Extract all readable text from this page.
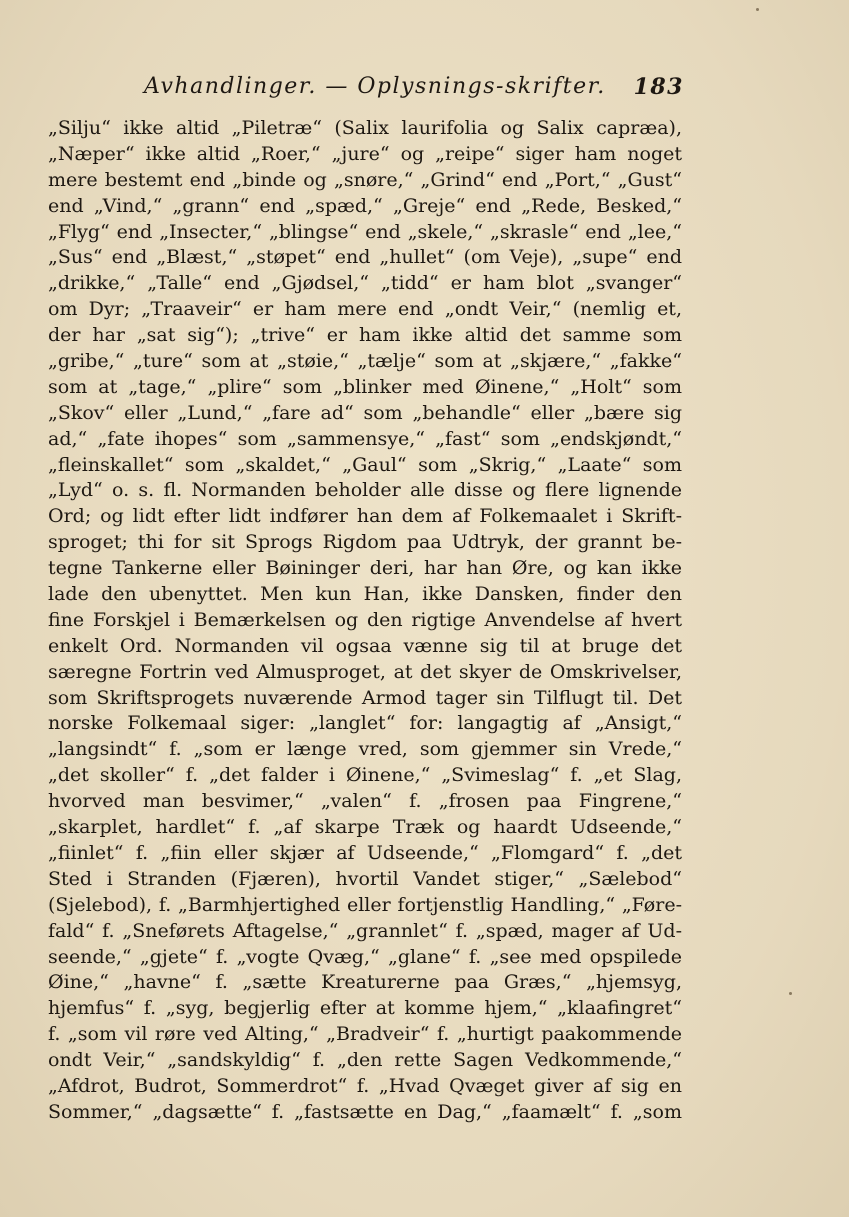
Avhandlinger. — Oplysnings-skrifter. 183
„Silju“ ikke altid „Piletræ“ (Salix laurifolia og Salix capræa),
„Næper“ ikke altid „Roer,“ „jure“ og „reipe“ siger ham noget
mere bestemt end „binde og „snøre,“ „Grind“ end „Port,“ „Gust“
end „Vind,“ „grann“ end „spæd,“ „Greje“ end „Rede, Besked,“
„Flyg“ end „Insecter,“ „blingse“ end „skele,“ „skrasle“ end „lee,“
„Sus“ end „Blæst,“ „støpet“ end „hullet“ (om Veje), „supe“ end
„drikke,“ „Talle“ end „Gjødsel,“ „tidd“ er ham blot „svanger“
om Dyr; „Traaveir“ er ham mere end „ondt Veir,“ (nemlig et,
der har „sat sig“); „trive“ er ham ikke altid det samme som
„gribe,“ „ture“ som at „støie,“ „tælje“ som at „skjære,“ „fakke“
som at „tage,“ „plire“ som „blinker med Øinene,“ „Holt“ som
„Skov“ eller „Lund,“ „fare ad“ som „behandle“ eller „bære sig
ad,“ „fate ihopes“ som „sammensye,“ „fast“ som „endskjøndt,“
„fleinskallet“ som „skaldet,“ „Gaul“ som „Skrig,“ „Laate“ som
„Lyd“ o. s. fl. Normanden beholder alle disse og flere lignende
Ord; og lidt efter lidt indfører han dem af Folkemaalet i Skrift-
sproget; thi for sit Sprogs Rigdom paa Udtryk, der grannt be-
tegne Tankerne eller Bøininger deri, har han Øre, og kan ikke
lade den ubenyttet. Men kun Han, ikke Dansken, finder den
fine Forskjel i Bemærkelsen og den rigtige Anvendelse af hvert
enkelt Ord. Normanden vil ogsaa vænne sig til at bruge det
særegne Fortrin ved Almusproget, at det skyer de Omskrivelser,
som Skriftsprogets nuværende Armod tager sin Tilflugt til. Det
norske Folkemaal siger: „langlet“ for: langagtig af „Ansigt,“
„langsindt“ f. „som er længe vred, som gjemmer sin Vrede,“
„det skoller“ f. „det falder i Øinene,“ „Svimeslag“ f. „et Slag,
hvorved man besvimer,“ „valen“ f. „frosen paa Fingrene,“
„skarplet, hardlet“ f. „af skarpe Træk og haardt Udseende,“
„fiinlet“ f. „fiin eller skjær af Udseende,“ „Flomgard“ f. „det
Sted i Stranden (Fjæren), hvortil Vandet stiger,“ „Sælebod“
(Sjelebod), f. „Barmhjertighed eller fortjenstlig Handling,“ „Føre-
fald“ f. „Sneførets Aftagelse,“ „grannlet“ f. „spæd, mager af Ud-
seende,“ „gjete“ f. „vogte Qvæg,“ „glane“ f. „see med opspilede
Øine,“ „havne“ f. „sætte Kreaturerne paa Græs,“ „hjemsyg,
hjemfus“ f. „syg, begjerlig efter at komme hjem,“ „klaafingret“
f. „som vil røre ved Alting,“ „Bradveir“ f. „hurtigt paakommende
ondt Veir,“ „sandskyldig“ f. „den rette Sagen Vedkommende,“
„Afdrot, Budrot, Sommerdrot“ f. „Hvad Qvæget giver af sig en
Sommer,“ „dagsætte“ f. „fastsætte en Dag,“ „faamælt“ f. „som
